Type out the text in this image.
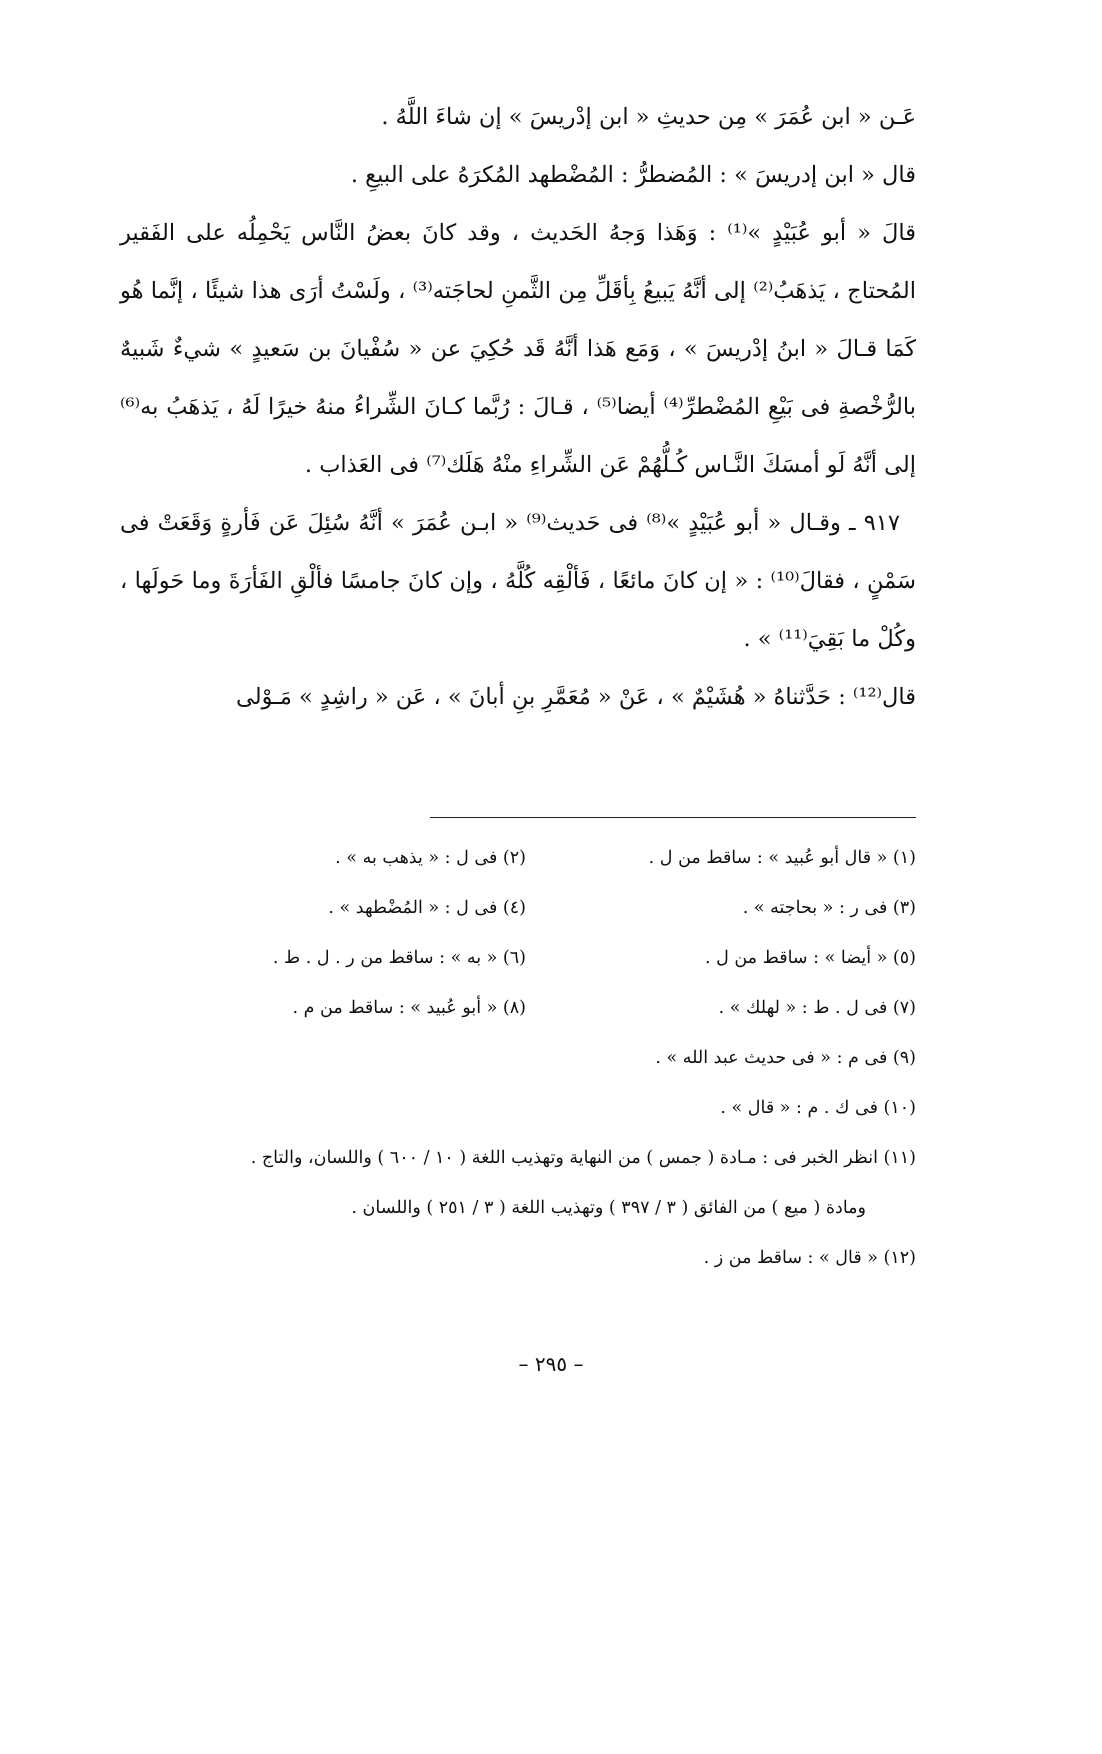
عَـن « ابن عُمَرَ » مِن حديثِ « ابن إدْريسَ » إن شاءَ اللَّهُ .

قال « ابن إدريسَ » : المُضطرُّ : المُضْطهد المُكرَهُ على البيعِ .

قالَ « أبو عُبَيْدٍ »⁽¹⁾ : وَهَذا وَجهُ الحَديث ، وقد كانَ بعضُ النَّاس يَحْمِلُه على الفَقير المُحتاج ، يَذهَبُ⁽²⁾ إلى أنَّهُ يَبيعُ بِأقَلِّ مِن الثَّمنِ لحاجَته⁽³⁾ ، ولَسْتُ أرَى هذا شيئًا ، إنَّما هُو كَمَا قـالَ « ابنُ إدْريسَ » ، وَمَع هَذا أنَّهُ قَد حُكِيَ عن « سُفْيانَ بن سَعيدٍ » شيءٌ شَبيهٌ بالرُّخْصةِ فى بَيْعِ المُضْطرِّ⁽⁴⁾ أيضا⁽⁵⁾ ، قـالَ : رُبَّما كـانَ الشِّراءُ منهُ خيرًا لَهُ ، يَذهَبُ به⁽⁶⁾ إلى أنَّهُ لَو أمسَكَ النَّـاس كُـلُّهُمْ عَن الشِّراءِ منْهُ هَلَك⁽⁷⁾ فى العَذاب .

٩١٧ ـ وقـال « أبو عُبَيْدٍ »⁽⁸⁾ فى حَديث⁽⁹⁾ « ابـن عُمَرَ » أنَّهُ سُئِلَ عَن فَأرةٍ وَقَعَتْ فى سَمْنٍ ، فقالَ⁽¹⁰⁾ : « إن كانَ مائعًا ، فَألْقِه كُلَّهُ ، وإن كانَ جامسًا فألْقِ الفَأرَةَ وما حَولَها ، وكُلْ ما بَقِيَ⁽¹¹⁾ » .

قال⁽¹²⁾ : حَدَّثناهُ « هُشَيْمٌ » ، عَنْ « مُعَمَّرِ بنِ أبانَ » ، عَن « راشِدٍ » مَـوْلى

(١) « قال أبو عُبيد » : ساقط من ل .
(٢) فى ل : « يذهب به » .
(٣) فى ر : « بحاجته » .
(٤) فى ل : « المُضْطهد » .
(٥) « أيضا » : ساقط من ل .
(٦) « به » : ساقط من ر . ل . ط .
(٧) فى ل . ط : « لهلك » .
(٨) « أبو عُبيد » : ساقط من م .
(٩) فى م : « فى حديث عبد الله » .
(١٠) فى ك . م : « قال » .
(١١) انظر الخبر فى : مـادة ( جمس ) من النهاية وتهذيب اللغة ( ١٠ / ٦٠٠ ) واللسان، والتاج .
ومادة ( ميع ) من الفائق ( ٣ / ٣٩٧ ) وتهذيب اللغة ( ٣ / ٢٥١ ) واللسان .
(١٢) « قال » : ساقط من ز .
– ٢٩٥ –
